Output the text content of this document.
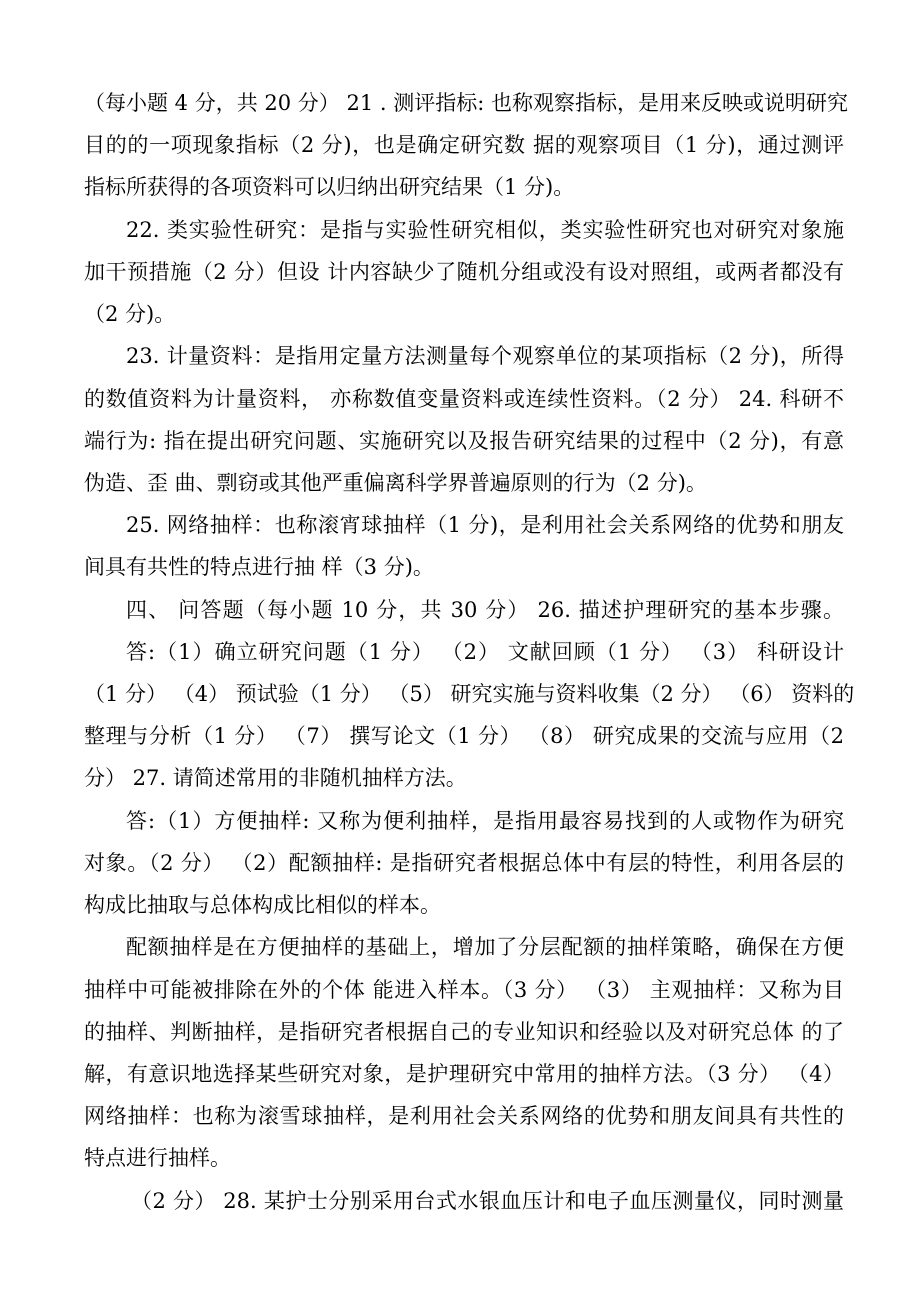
（每小题 4 分，共 20 分） 21 . 测评指标: 也称观察指标，是用来反映或说明研究
目的的一项现象指标（2 分)，也是确定研究数 据的观察项目（1 分)，通过测评
指标所获得的各项资料可以归纳出研究结果（1 分)。
22. 类实验性研究：是指与实验性研究相似，类实验性研究也对研究对象施
加干预措施（2 分）但设 计内容缺少了随机分组或没有设对照组，或两者都没有
（2 分)。
23. 计量资料：是指用定量方法测量每个观察单位的某项指标（2 分)，所得
的数值资料为计量资料， 亦称数值变量资料或连续性资料。（2 分） 24. 科研不
端行为: 指在提出研究问题、实施研究以及报告研究结果的过程中（2 分)，有意
伪造、歪 曲、剽窃或其他严重偏离科学界普遍原则的行为（2 分)。
25. 网络抽样：也称滚宵球抽样（1 分)，是利用社会关系网络的优势和朋友
间具有共性的特点进行抽 样（3 分)。
四、 问答题（每小题 10 分，共 30 分） 26. 描述护理研究的基本步骤。
答:（1）确立研究问题（1 分） （2） 文献回顾（1 分） （3） 科研设计
（1 分） （4） 预试验（1 分） （5） 研究实施与资料收集（2 分） （6） 资料的
整理与分析（1 分） （7） 撰写论文（1 分） （8） 研究成果的交流与应用（2
分） 27. 请简述常用的非随机抽样方法。
答:（1）方便抽样: 又称为便利抽样，是指用最容易找到的人或物作为研究
对象。（2 分） （2）配额抽样: 是指研究者根据总体中有层的特性，利用各层的
构成比抽取与总体构成比相似的样本。
配额抽样是在方便抽样的基础上，增加了分层配额的抽样策略，确保在方便
抽样中可能被排除在外的个体 能进入样本。（3 分） （3） 主观抽样：又称为目
的抽样、判断抽样，是指研究者根据自己的专业知识和经验以及对研究总体 的了
解，有意识地选择某些研究对象，是护理研究中常用的抽样方法。（3 分） （4）
网络抽样：也称为滚雪球抽样，是利用社会关系网络的优势和朋友间具有共性的
特点进行抽样。
（2 分） 28. 某护士分别采用台式水银血压计和电子血压测量仪，同时测量
